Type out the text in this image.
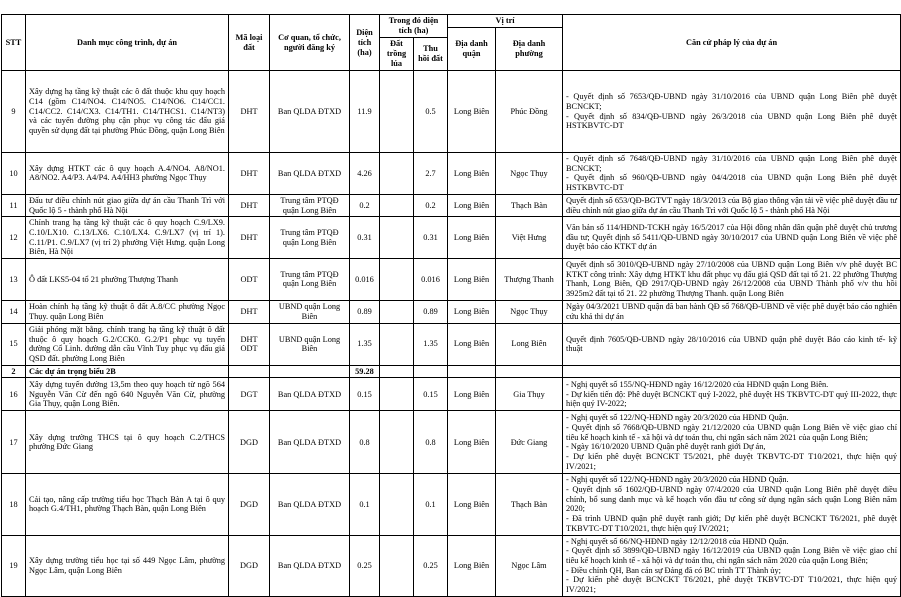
STT	Danh mục công trình, dự án	Mã loại đất	Cơ quan, tổ chức, người đăng ký	Diện tích (ha)	Trong đó diện tích (ha)		Vị trí		Căn cứ pháp lý của dự án
							Địa danh quận	Địa danh phường	
					Đất trồng lúa	Thu hồi đất			
9	Xây dựng hạ tầng kỹ thuật các ô đất thuộc khu quy hoạch C14 (gồm C14/NO4. C14/NO5. C14/NO6. C14/CC1. C14/CC2. C14/CX3. C14/TH1. C14/THCS1. C14/NT3) và các tuyến đường phụ cận phục vụ công tác đấu giá quyền sử dụng đất tại phường Phúc Đồng, quận Long Biên	DHT	Ban QLDA ĐTXD	11.9		0.5	Long Biên	Phúc Đồng	- Quyết định số 7653/QĐ-UBND ngày 31/10/2016 của UBND quận Long Biên phê duyệt BCNCKT;
- Quyết định số 834/QĐ-UBND ngày 26/3/2018 của UBND quận Long Biên phê duyệt HSTKBVTC-DT

10	Xây dựng HTKT các ô quy hoạch A.4/NO4. A8/NO1. A8/NO2. A4/P3. A4/P4. A4/HH3 phường Ngọc Thụy	DHT	Ban QLDA ĐTXD	4.26		2.7	Long Biên	Ngọc Thụy	- Quyết định số 7648/QĐ-UBND ngày 31/10/2016 của UBND quận Long Biên phê duyệt BCNCKT;
- Quyết định số 960/QĐ-UBND ngày 04/4/2018 của UBND quận Long Biên phê duyệt HSTKBVTC-DT

11	Đấu tư điều chỉnh nút giao giữa dự án cầu Thanh Trì với Quốc lộ 5 - thành phố Hà Nội	DHT	Trung tâm PTQĐ quận Long Biên	0.2		0.2	Long Biên	Thạch Bàn	Quyết định số 653/QĐ-BGTVT ngày 18/3/2013 của Bộ giao thông vận tải về việc phê duyệt đầu tư điều chỉnh nút giao giữa dự án cầu Thanh Trì với Quốc lộ 5 - thành phố Hà Nội

12	Chỉnh trang hạ tầng kỹ thuật các ô quy hoạch C.9/LX9. C.10/LX10. C.13/LX6. C.10/LX4. C.9/LX7 (vị trí 1). C.11/P1. C.9/LX7 (vị trí 2) phường Việt Hưng. quận Long Biên, Hà Nội	DHT	Trung tâm PTQĐ quận Long Biên	0.31		0.31	Long Biên	Việt Hưng	Văn bản số 114/HĐND-TCKH ngày 16/5/2017 của Hội đồng nhân dân quận phê duyệt chủ trương đầu tư; Quyết định số 5411/QĐ-UBND ngày 30/10/2017 của UBND quận Long Biên về việc phê duyệt báo cáo KTKT dự án

13	Ô đất LKS5-04 tổ 21 phường Thượng Thanh	ODT	Trung tâm PTQĐ quận Long Biên	0.016		0.016	Long Biên	Thượng Thanh	Quyết định số 3010/QĐ-UBND ngày 27/10/2008 của UBND quận Long Biên v/v phê duyệt BC KTKT công trình: Xây dựng HTKT khu đất phục vụ đấu giá QSD đất tại tổ 21. 22 phường Thượng Thanh, Long Biên, QĐ 2917/QĐ-UBND ngày 26/12/2008 của UBND Thành phố v/v thu hồi 3925m2 đất tại tổ 21. 22 phường Thượng Thanh. quận Long Biên

14	Hoàn chỉnh hạ tầng kỹ thuật ô đất A.8/CC phường Ngọc Thụy. quận Long Biên	DHT	UBND quận Long Biên	0.89		0.89	Long Biên	Ngọc Thụy	Ngày 04/3/2021 UBND quận đã ban hành QĐ số 768/QĐ-UBND về việc phê duyệt báo cáo nghiên cứu khả thi dự án

15	Giải phóng mặt bằng. chỉnh trang hạ tầng kỹ thuật ô đất thuộc ô quy hoạch G.2/CCK0. G.2/P1 phục vụ tuyến đường Cổ Linh. đường dẫn cầu Vĩnh Tuy phục vụ đấu giá QSD đất. phường Long Biên	DHT
ODT	UBND quận Long Biên	1.35		1.35	Long Biên	Long Biên	Quyết định 7605/QĐ-UBND ngày 28/10/2016 của UBND quận phê duyệt Báo cáo kinh tế- kỹ thuật

2	Các dự án trọng biểu 2B			59.28					
16	Xây dựng tuyến đường 13,5m theo quy hoạch từ ngõ 564 Nguyễn Văn Cừ đến ngõ 640 Nguyễn Văn Cừ, phường Gia Thụy, quận Long Biên.	DGT	Ban QLDA ĐTXD	0.15		0.15	Long Biên	Gia Thụy	- Nghị quyết số 155/NQ-HĐND ngày 16/12/2020 của HĐND quận Long Biên.
- Dự kiến tiến độ: Phê duyệt BCNCKT quý I-2022, phê duyệt HS TKBVTC-DT quý III-2022, thực hiện quý IV-2022;

17	Xây dựng trường THCS tại ô quy hoạch C.2/THCS phường Đức Giang	DGD	Ban QLDA ĐTXD	0.8		0.8	Long Biên	Đức Giang	- Nghị quyết số 122/NQ-HĐND ngày 20/3/2020 của HĐND Quận.
- Quyết định số 7668/QĐ-UBND ngày 21/12/2020 của UBND quận Long Biên về việc giao chỉ tiêu kế hoạch kinh tế - xã hội và dự toán thu, chi ngân sách năm 2021 của quận Long Biên;
- Ngày 16/10/2020 UBND Quận phê duyệt ranh giới Dự án,
- Dự kiến phê duyệt BCNCKT T5/2021, phê duyệt TKBVTC-DT T10/2021, thực hiện quý IV/2021;

18	Cải tạo, nâng cấp trường tiểu học Thạch Bàn A tại ô quy hoạch G.4/TH1, phường Thạch Bàn, quận Long Biên	DGD	Ban QLDA ĐTXD	0.1		0.1	Long Biên	Thạch Bàn	- Nghị quyết số 122/NQ-HĐND ngày 20/3/2020 của HĐND Quận.
- Quyết định số 1602/QĐ-UBND ngày 07/4/2020 của UBND quận Long Biên phê duyệt điều chỉnh, bổ sung danh mục và kế hoạch vốn đầu tư công sử dụng ngân sách quận Long Biên năm 2020;
- Đã trình UBND quận phê duyệt ranh giới; Dự kiến phê duyệt BCNCKT T6/2021, phê duyệt TKBVTC-DT T10/2021, thực hiện quý IV/2021;

19	Xây dựng trường tiểu học tại số 449 Ngọc Lâm, phường Ngọc Lâm, quận Long Biên	DGD	Ban QLDA ĐTXD	0.25		0.25	Long Biên	Ngọc Lâm	- Nghị quyết số 66/NQ-HĐND ngày 12/12/2018 của HĐND Quận.
- Quyết định số 3899/QĐ-UBND ngày 16/12/2019 của UBND quận Long Biên về việc giao chỉ tiêu kế hoạch kinh tế - xã hội và dự toán thu, chi ngân sách năm 2020 của quận Long Biên;
- Điều chỉnh QH, Ban cán sự Đảng đã có BC trình TT Thành ủy;
- Dự kiến phê duyệt BCNCKT T6/2021, phê duyệt TKBVTC-DT T10/2021, thực hiện quý IV/2021;
